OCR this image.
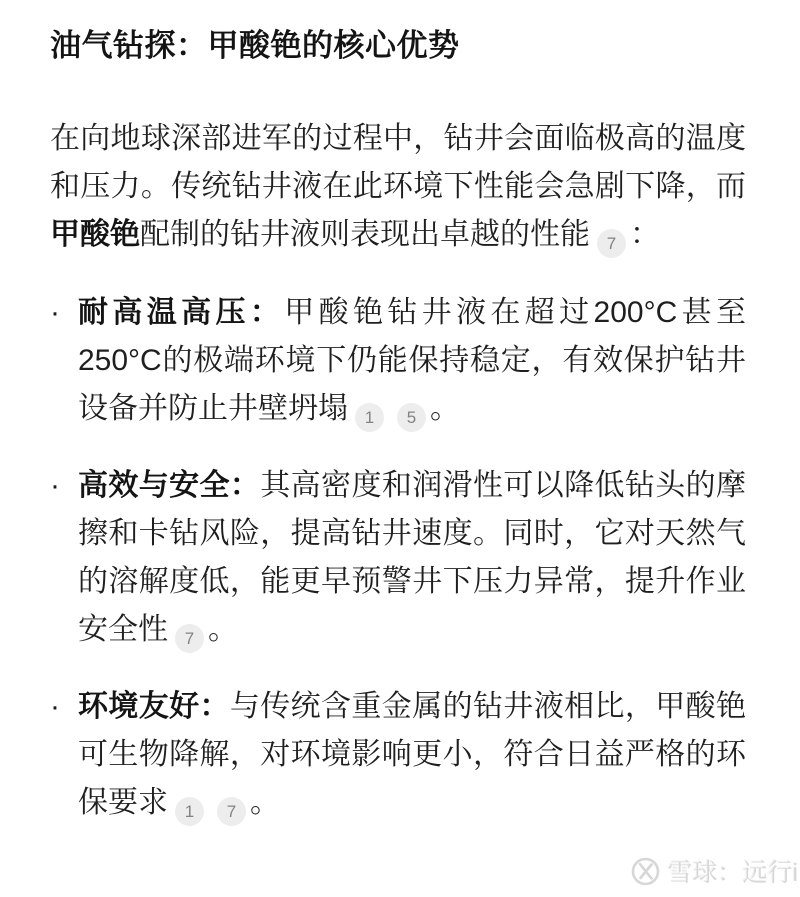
油气钻探：甲酸铯的核心优势

在向地球深部进军的过程中，钻井会面临极高的温度和压力。传统钻井液在此环境下性能会急剧下降，而甲酸铯配制的钻井液则表现出卓越的性能 7 ：

· 耐高温高压：甲酸铯钻井液在超过200°C甚至250°C的极端环境下仍能保持稳定，有效保护钻井设备并防止井壁坍塌 1 5 。
· 高效与安全：其高密度和润滑性可以降低钻头的摩擦和卡钻风险，提高钻井速度。同时，它对天然气的溶解度低，能更早预警井下压力异常，提升作业安全性 7 。
· 环境友好：与传统含重金属的钻井液相比，甲酸铯可生物降解，对环境影响更小，符合日益严格的环保要求 1 7 。
雪球：远行i
